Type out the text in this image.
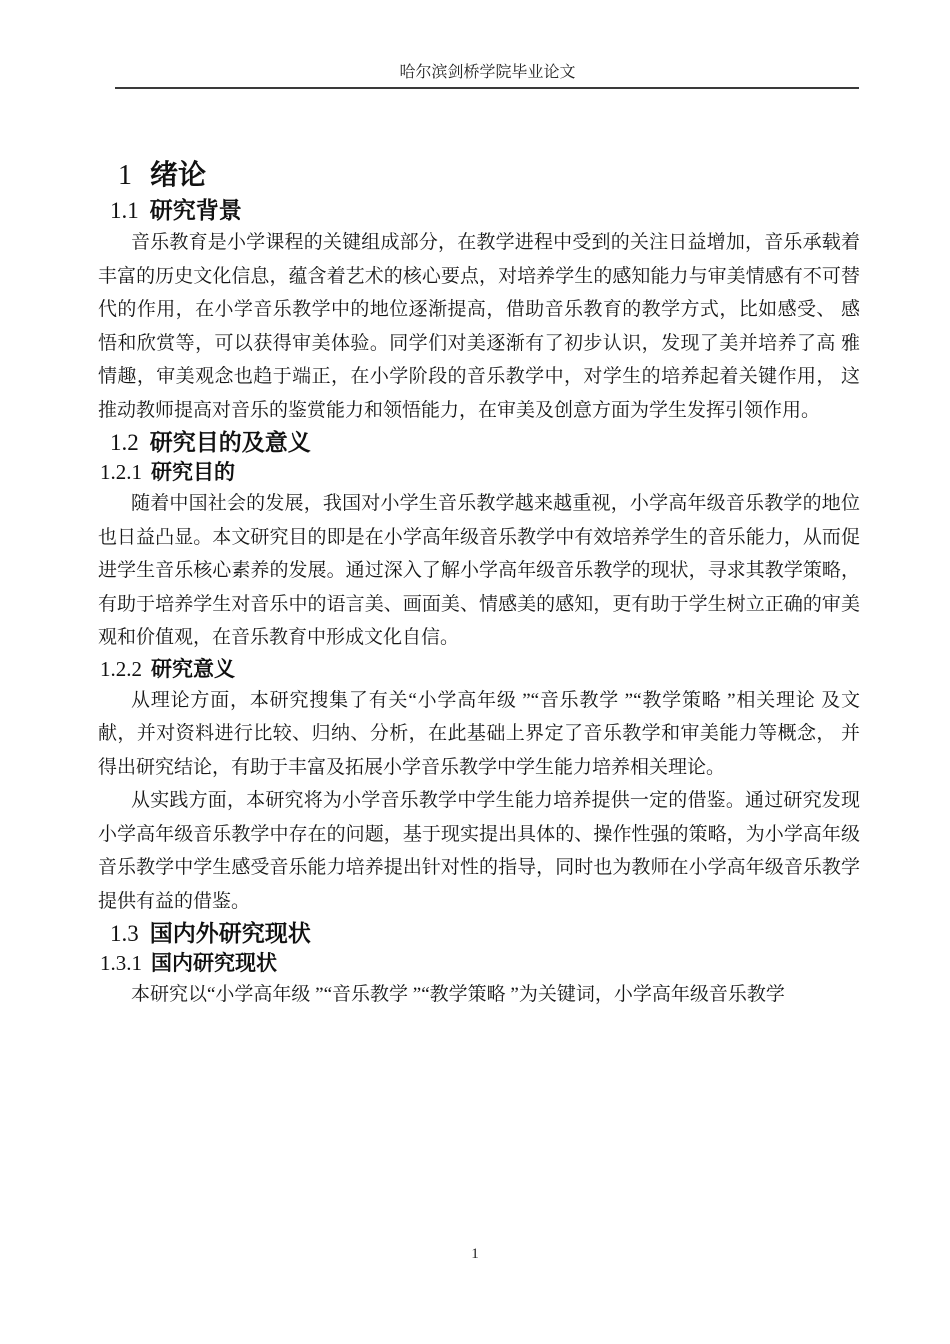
哈尔滨剑桥学院毕业论文
1 绪论
1.1 研究背景

音乐教育是小学课程的关键组成部分，在教学进程中受到的关注日益增加，音乐承载着丰富的历史文化信息，蕴含着艺术的核心要点，对培养学生的感知能力与审美情感有不可替代的作用，在小学音乐教学中的地位逐渐提高，借助音乐教育的教学方式，比如感受、 感悟和欣赏等，可以获得审美体验。同学们对美逐渐有了初步认识，发现了美并培养了高 雅情趣，审美观念也趋于端正，在小学阶段的音乐教学中，对学生的培养起着关键作用， 这推动教师提高对音乐的鉴赏能力和领悟能力，在审美及创意方面为学生发挥引领作用。

1.2 研究目的及意义
1.2.1 研究目的

随着中国社会的发展，我国对小学生音乐教学越来越重视，小学高年级音乐教学的地位也日益凸显。本文研究目的即是在小学高年级音乐教学中有效培养学生的音乐能力，从而促进学生音乐核心素养的发展。通过深入了解小学高年级音乐教学的现状，寻求其教学策略，有助于培养学生对音乐中的语言美、画面美、情感美的感知，更有助于学生树立正确的审美观和价值观，在音乐教育中形成文化自信。

1.2.2 研究意义

从理论方面，本研究搜集了有关“小学高年级 ”“音乐教学 ”“教学策略 ”相关理论 及文献，并对资料进行比较、归纳、分析，在此基础上界定了音乐教学和审美能力等概念， 并得出研究结论，有助于丰富及拓展小学音乐教学中学生能力培养相关理论。

从实践方面，本研究将为小学音乐教学中学生能力培养提供一定的借鉴。通过研究发现小学高年级音乐教学中存在的问题，基于现实提出具体的、操作性强的策略，为小学高年级音乐教学中学生感受音乐能力培养提出针对性的指导，同时也为教师在小学高年级音乐教学提供有益的借鉴。

1.3 国内外研究现状
1.3.1 国内研究现状

本研究以“小学高年级 ”“音乐教学 ”“教学策略 ”为关键词，小学高年级音乐教学

1
